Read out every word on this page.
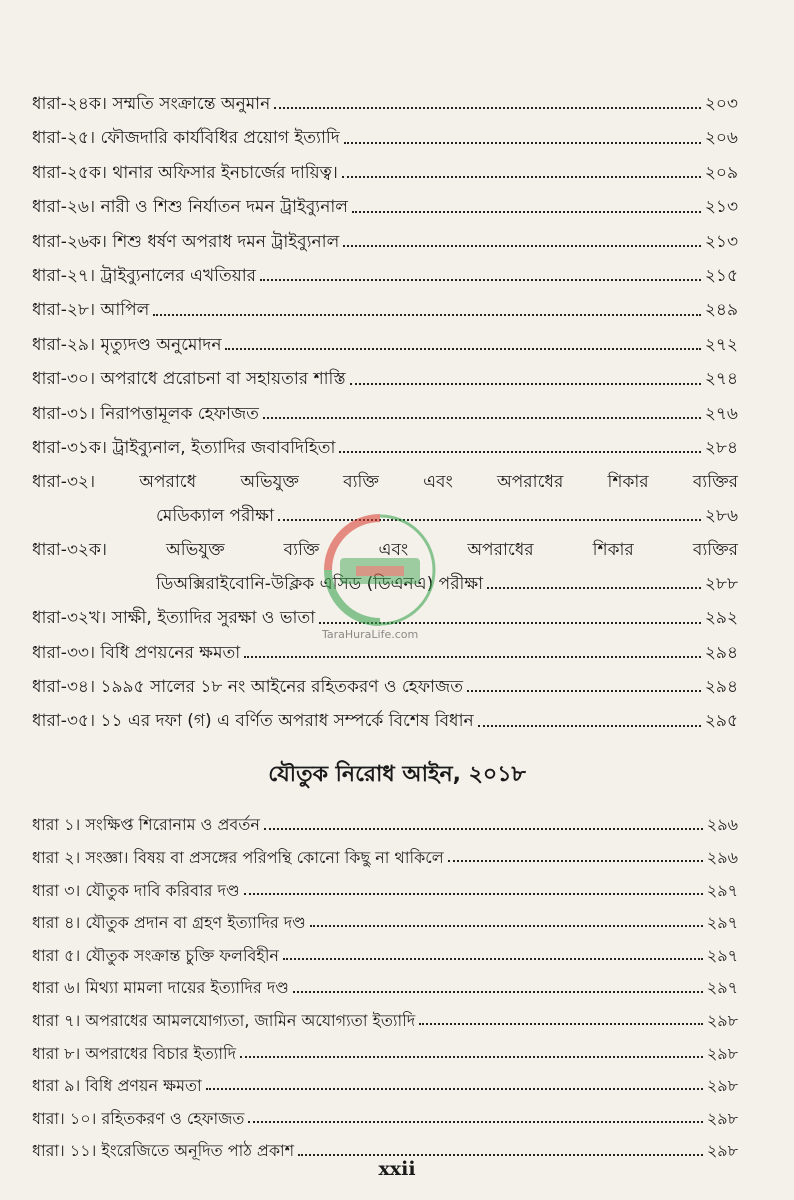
ধারা-২৪ক। সম্মতি সংক্রান্তে অনুমান	২০৩
ধারা-২৫। ফৌজদারি কার্যবিধির প্রয়োগ ইত্যাদি	২০৬
ধারা-২৫ক। থানার অফিসার ইনচার্জের দায়িত্ব।	২০৯
ধারা-২৬। নারী ও শিশু নির্যাতন দমন ট্রাইব্যুনাল	২১৩
ধারা-২৬ক। শিশু ধর্ষণ অপরাধ দমন ট্রাইব্যুনাল	২১৩
ধারা-২৭। ট্রাইব্যুনালের এখতিয়ার	২১৫
ধারা-২৮। আপিল	২৪৯
ধারা-২৯। মৃত্যুদণ্ড অনুমোদন	২৭২
ধারা-৩০। অপরাধে প্ররোচনা বা সহায়তার শাস্তি	২৭৪
ধারা-৩১। নিরাপত্তামূলক হেফাজত	২৭৬
ধারা-৩১ক। ট্রাইব্যুনাল, ইত্যাদির জবাবদিহিতা	২৮৪
ধারা-৩২।	অপরাধে	অভিযুক্ত	ব্যক্তি	এবং	অপরাধের	শিকার	ব্যক্তির
মেডিক্যাল পরীক্ষা	২৮৬
ধারা-৩২ক।	অভিযুক্ত	ব্যক্তি	এবং	অপরাধের	শিকার	ব্যক্তির
ডিঅক্সিরাইবোনি-উক্লিক এসিড (ডিএনএ) পরীক্ষা	২৮৮
ধারা-৩২খ। সাক্ষী, ইত্যাদির সুরক্ষা ও ভাতা	২৯২
ধারা-৩৩। বিধি প্রণয়নের ক্ষমতা	২৯৪
ধারা-৩৪। ১৯৯৫ সালের ১৮ নং আইনের রহিতকরণ ও হেফাজত	২৯৪
ধারা-৩৫। ১১ এর দফা (গ) এ বর্ণিত অপরাধ সম্পর্কে বিশেষ বিধান	২৯৫
যৌতুক নিরোধ আইন, ২০১৮
ধারা ১। সংক্ষিপ্ত শিরোনাম ও প্রবর্তন	২৯৬
ধারা ২। সংজ্ঞা। বিষয় বা প্রসঙ্গের পরিপন্থি কোনো কিছু না থাকিলে	২৯৬
ধারা ৩। যৌতুক দাবি করিবার দণ্ড	২৯৭
ধারা ৪। যৌতুক প্রদান বা গ্রহণ ইত্যাদির দণ্ড	২৯৭
ধারা ৫। যৌতুক সংক্রান্ত চুক্তি ফলবিহীন	২৯৭
ধারা ৬। মিথ্যা মামলা দায়ের ইত্যাদির দণ্ড	২৯৭
ধারা ৭। অপরাধের আমলযোগ্যতা, জামিন অযোগ্যতা ইত্যাদি	২৯৮
ধারা ৮। অপরাধের বিচার ইত্যাদি	২৯৮
ধারা ৯। বিধি প্রণয়ন ক্ষমতা	২৯৮
ধারা। ১০। রহিতকরণ ও হেফাজত	২৯৮
ধারা। ১১। ইংরেজিতে অনূদিত পাঠ প্রকাশ	২৯৮
TaraHuraLife.com
xxii
